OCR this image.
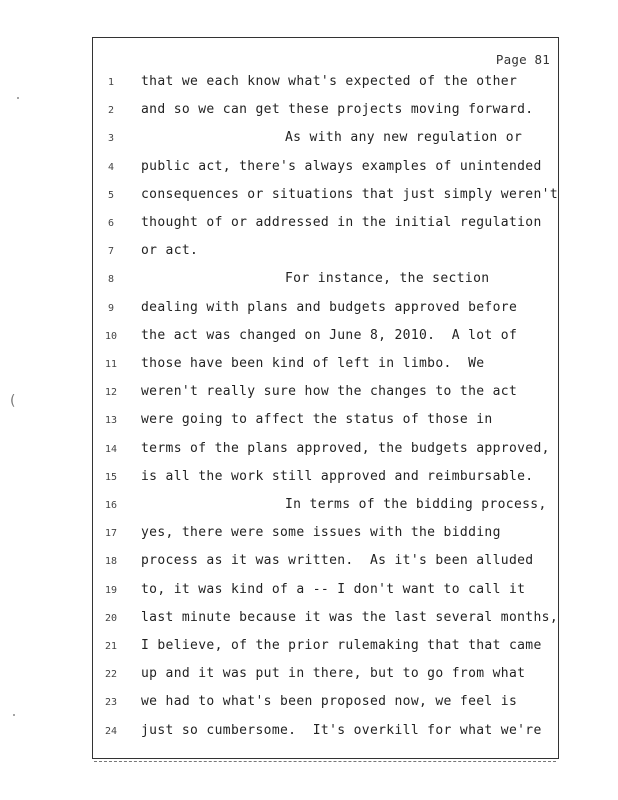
(
Page 81
1	that we each know what's expected of the other
2	and so we can get these projects moving forward.
3	As with any new regulation or
4	public act, there's always examples of unintended
5	consequences or situations that just simply weren't
6	thought of or addressed in the initial regulation
7	or act.
8	For instance, the section
9	dealing with plans and budgets approved before
10	the act was changed on June 8, 2010.  A lot of
11	those have been kind of left in limbo.  We
12	weren't really sure how the changes to the act
13	were going to affect the status of those in
14	terms of the plans approved, the budgets approved,
15	is all the work still approved and reimbursable.
16	In terms of the bidding process,
17	yes, there were some issues with the bidding
18	process as it was written.  As it's been alluded
19	to, it was kind of a -- I don't want to call it
20	last minute because it was the last several months,
21	I believe, of the prior rulemaking that that came
22	up and it was put in there, but to go from what
23	we had to what's been proposed now, we feel is
24	just so cumbersome.  It's overkill for what we're
